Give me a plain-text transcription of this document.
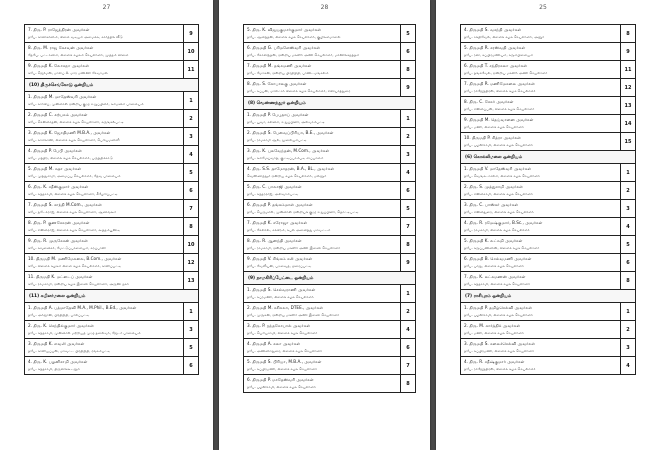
27
7. திரு. P. ராஜேந்திரன் அவர்கள்
தபே. காவிகர்ணம், கிளை வடியம் அமைக்க, கார்த்திக் வீடு
9
8. திரு. M. ராஜ கேசவன் அவர்கள்
தேபே. பட்டாணம், கிளைக் கழகம் செயலாளர், முத்தம் விளை
10
9. திருமதி K. லோகநா அவர்கள்
கபே. ஜெர்மன், மாலப் A. மார மண்ணி சேவாமல்
11
(10) திருச்செங்கோடு ஒன்றியம்
1. திருமதி M. மாதேஸ்வரி அவர்கள்
கபே. கார்கிப், முன்னாள் ஒன்றிய குழு உறுப்பினர், கம்மனம் பாளையம்
1
2. திருமதி C. கற்பகம் அவர்கள்
கபே. சென்னாதன், கிளைக் கழக செயலாளர், கருங்கல்பட்டி
2
3. திருமதி K. ஜோதிமணி M.B.A., அவர்கள்
கபே. காசிகானி, கிளைக் கழக செயலாளர், பெரியமணலி
3
4. திருமதி P. பேபி அவர்கள்
கபே. மத்திர, கிளைக் கழக செயலாளர், பருத்திக்காடு
4
5. திருமதி M. சுதா அவர்கள்
கபே. முத்துசாமி, அமைப்பு செயலாளர், தேவ பாளையம்
5
6. திரு. K. சதீஸ்குமார் அவர்கள்
கபே. கந்தசாமி, கிளைக் கழக செயலாளர், கீழேரிப்பட்டி
6
7. திருமதி S. சாந்தி M.Com., அவர்கள்
கபே. நடேச்ராஜ், கிளைக் கழக செயலாளர், ஆணங்கூர்
7
8. திரு. P. குணசேகரன் அவர்கள்
கபே. சின்னராஜ், கிளைக் கழக செயலாளர், கூத்தம்பூண்டி
8
9. திரு. R. முருகேசன் அவர்கள்
கபே. கவுனைகர், மேட்டுப்பாளையம், கரப்பாளி
10
10. திருமதி M. மணிமேகலை, B.Com., அவர்கள்
கபே. கிளைக் கழகம் கிளை கழக செயலாளர், காளிப்பட்டி
12
11. திருமதி K. மட்டைப் அவர்கள்
கபே. ராமசாமி, ஒன்றிய கழக இணை செயலாளர், அருண் நகர்
13
(11) கபிலர்மலை ஒன்றியம்
1. திருமதி A. பத்மாதேவி M.A., M.Phil., B.Ed., அவர்கள்
தபே. அர்ஜுன், பிரதிநிதி, பாலப்பட்டி
1
2. திரு. K. செந்தில்குமார் அவர்கள்
தபே. கந்தசாமி, முன்னாள் மற்றியத் முழு தலைவர், ஜேடர் பாளையம்
3
3. திருமதி K. எவலி அவர்கள்
தபே. காளியப்பன், மாவட்ட பிரதிநிதி, ரங்கம்பட்டி
5
4. திரு. K. பழனிசாமி அவர்கள்
தபே. கந்தசாமி, திருவிக்கூடலூர்
6
28
5. திரு. K. விஜயகுமார்குமார் அவர்கள்
தபே. ஆனந்தன், கிளைக் கழக செயலாளர், குழிகளமாலை
5
6. திருமதி G. பரிமளேஸ்வரி அவர்கள்
தபே. கோவிந்தன், ஒன்றிய மகளிர் அணி செயலாளர், மாணிக்கநத்தம்
6
7. திருமதி M. தங்கமணி அவர்கள்
தபே. மோகன், ஒன்றிய பிரதிநிதி, பாண்டமங்கலம்
8
8. திரு. S. கோபாலகு அவர்கள்
தபே. சுப்பன், மாலட்சர் கிளைக் கழக செயலாளர், சிவியாத்துரை
9
(8) வெண்ணந்தூர் ஒன்றியம்
1. திருமதி P. பேபுதாய் அவர்கள்
தபே. பூவா, கலனம், உறுப்பினர், அலவாம்பட்டி
1
2. திருமதி S. பேவைப்பிரியா, B.E., அவர்கள்
தபே. ராமசாமி ஆல், மூலையம்பட்டி
2
3. திரு. K. புலவேந்தன், M.Com., அவர்கள்
தபே. கம்மேய்வாத், குட்டிப்பாம்படி சாப்பாளம்
3
4. திரு. S.S. தாமோதரன், B.A., BL., அவர்கள்
வெண்ணந்தூர் ஒன்றிய கழக செயலாளர், மல்லூர்
4
5. திரு. C. பாலாஜி அவர்கள்
தபே. சுந்தரராஜ், அலவாம்பட்டி
6
6. திருமதி P. தங்கம்மாள் அவர்கள்
தபே. பெருமாள், முன்னாள் ஒன்றியக் குழு உறுப்பினர், தொட்டிபட்டி
5
7. திருமதி K. சரோஜா அவர்கள்
தபே. கேலாவ், சுக்கிரம், சுபல் அனைத்து மாவட்டம்
7
8. திரு. R. ஆனந்தி அவர்கள்
தபே. ராமசாமி, ஒன்றிய மகளிர் அணி இணை செயலாளர்
8
9. திருமதி V. சிங்கம் சலி அவர்கள்
தபே. வேலியன், பறவைத், ஓரைப்பட்டி
9
(9) நாமகிரிப்பேட்டை ஒன்றியம்
1. திருமதி S. செல்வராணி அவர்கள்
தபே. சுப்ரமணி, கிளைக் கழக செயலாளர்
1
2. திருமதி M. சசிகலா, DTEE., அவர்கள்
தபே. முருகன், ஒன்றிய மகளிர் அணி இணை செயலாளர்
2
3. திரு. P. நந்தகோபால் அவர்கள்
தபே. பெரியசாமி, கிளைக் கழக செயலாளர்
4
4. திருமதி A. கலா அவர்கள்
தபே. அண்ணாதுரை, கிளைக் கழக செயலாளர்
6
5. திருமதி S. பிரியா, M.B.A., அவர்கள்
தபே. சுப்பிரமணி, கிளைக் கழக செயலாளர்
7
6. திருமதி P. மாதேஸ்வரி அவர்கள்
தபே. பழனிசாமி, கிளைக் கழக செயலாளர்
8
25
4. திருமதி S. வசந்தி அவர்கள்
தபே. சக்திவேல், கிளைக் கழக செயலாளர், அனுர்
8
5. திருமதி R. சரஸ்வதி அவர்கள்
தபே. ரவி, சுப்பிரமணியம், கரும்பிளையம்
9
6. திருமதி T. சந்திரகலா அவர்கள்
தபே. தங்கவேல், ஒன்றிய மகளிர் அணி செயலாளர்
11
7. திருமதி R. மணிமேகலை அவர்கள்
தபே. ராஜேந்திரன், கிளைக் கழக செயலாளர்
12
8. திரு. C. சேகர் அவர்கள்
தபே. சின்னப்பன், கிளைக் கழக செயலாளர்
13
9. திருமதி M. தெய்வானை அவர்கள்
தபே. மணி, கிளைக் கழக செயலாளர்
14
10. திருமதி P. சித்ரா அவர்கள்
தபே. பழனிசாமி, கிளைக் கழக செயலாளர்
15
(6) கொல்லிமலை ஒன்றியம்
1. திருமதி V. மாதேஸ்வரி அவர்கள்
தபே. வெங்கடாசலம், கிளைக் கழக செயலாளர்
1
2. திரு. S. முத்துசாமி அவர்கள்
தபே. சின்னசாமி, கிளைக் கழக செயலாளர்
2
3. திரு. C. பாஸ்கர் அவர்கள்
தபே. சின்னதுரை, கிளைக் கழக செயலாளர்
3
4. திரு. R. ரமேஷ்குமார், B.Sc., அவர்கள்
தபே. ராமசாமி, கிளைக் கழக செயலாளர்
4
5. திருமதி K. லட்சுமி அவர்கள்
தபே. கருப்பண்ணன், கிளைக் கழக செயலாளர்
5
6. திருமதி B. செல்வமணி அவர்கள்
தபே. பாலு, கிளைக் கழக செயலாளர்
6
7. திரு. K. லட்சுமணன் அவர்கள்
தபே. கந்தசாமி, கிளைக் கழக செயலாளர்
8
(7) ராசிபுரம் ஒன்றியம்
1. திருமதி P. தமிழ்செல்வி அவர்கள்
தபே. பழனிசாமி, கிளைக் கழக செயலாளர்
1
2. திரு. M. கார்த்திக் அவர்கள்
தபே. மணி, கிளைக் கழக செயலாளர்
2
3. திருமதி S. கலைச்செல்வி அவர்கள்
தபே. சுப்பிரமணி, கிளைக் கழக செயலாளர்
3
4. திரு. R. சதீஷ்குமார் அவர்கள்
தபே. ராஜேந்திரன், கிளைக் கழக செயலாளர்
4
